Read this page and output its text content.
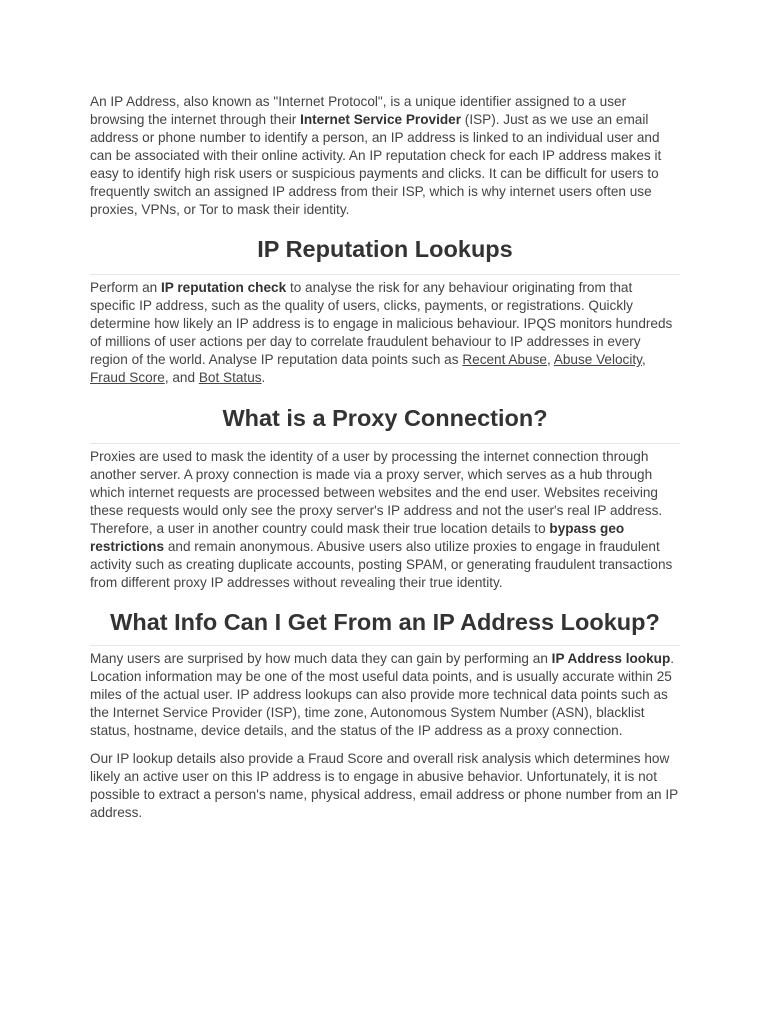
An IP Address, also known as "Internet Protocol", is a unique identifier assigned to a user browsing the internet through their Internet Service Provider (ISP). Just as we use an email address or phone number to identify a person, an IP address is linked to an individual user and can be associated with their online activity. An IP reputation check for each IP address makes it easy to identify high risk users or suspicious payments and clicks. It can be difficult for users to frequently switch an assigned IP address from their ISP, which is why internet users often use proxies, VPNs, or Tor to mask their identity.

IP Reputation Lookups

Perform an IP reputation check to analyse the risk for any behaviour originating from that specific IP address, such as the quality of users, clicks, payments, or registrations. Quickly determine how likely an IP address is to engage in malicious behaviour. IPQS monitors hundreds of millions of user actions per day to correlate fraudulent behaviour to IP addresses in every region of the world. Analyse IP reputation data points such as Recent Abuse, Abuse Velocity, Fraud Score, and Bot Status.

What is a Proxy Connection?

Proxies are used to mask the identity of a user by processing the internet connection through another server. A proxy connection is made via a proxy server, which serves as a hub through which internet requests are processed between websites and the end user. Websites receiving these requests would only see the proxy server's IP address and not the user's real IP address. Therefore, a user in another country could mask their true location details to bypass geo restrictions and remain anonymous. Abusive users also utilize proxies to engage in fraudulent activity such as creating duplicate accounts, posting SPAM, or generating fraudulent transactions from different proxy IP addresses without revealing their true identity.

What Info Can I Get From an IP Address Lookup?

Many users are surprised by how much data they can gain by performing an IP Address lookup. Location information may be one of the most useful data points, and is usually accurate within 25 miles of the actual user. IP address lookups can also provide more technical data points such as the Internet Service Provider (ISP), time zone, Autonomous System Number (ASN), blacklist status, hostname, device details, and the status of the IP address as a proxy connection.

Our IP lookup details also provide a Fraud Score and overall risk analysis which determines how likely an active user on this IP address is to engage in abusive behavior. Unfortunately, it is not possible to extract a person's name, physical address, email address or phone number from an IP address.
